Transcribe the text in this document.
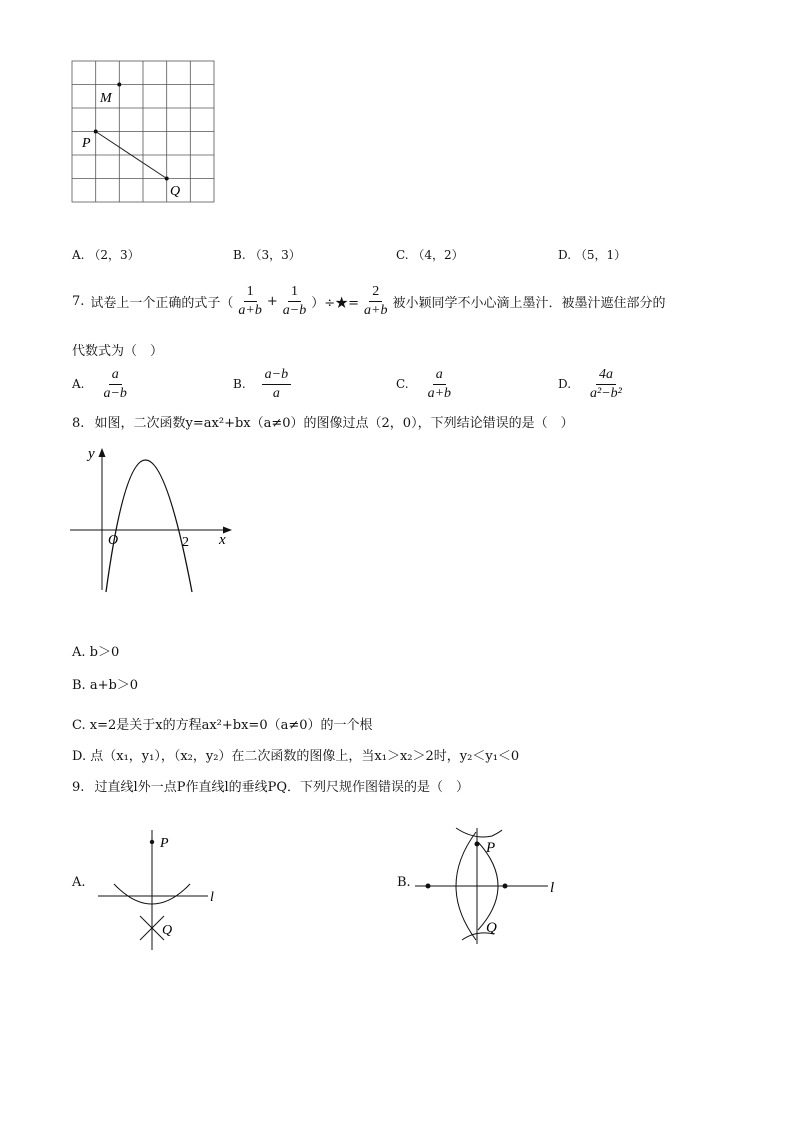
M
P
Q
A. （2，3）	B. （3，3）	C. （4，2）	D. （5，1）
7. 试卷上一个正确的式子（ $\frac{1}{a+b} + \frac{1}{a-b}$ ）÷★= $\frac{2}{a+b}$ 被小颖同学不小心滴上墨汁．被墨汁遮住部分的
代数式为（　）
A. $\frac{a}{a-b}$	B. $\frac{a-b}{a}$	C. $\frac{a}{a+b}$	D. $\frac{4a}{\text{a²−b²}}$
8. 如图，二次函数y=ax²+bx（a≠0）的图像过点（2，0），下列结论错误的是（　）
y
x
O	2
A. b＞0
B. a+b＞0
C. x=2是关于x的方程ax²+bx=0（a≠0）的一个根
D. 点（x₁，y₁），（x₂，y₂）在二次函数的图像上，当x₁＞x₂＞2时，y₂＜y₁＜0
9. 过直线l外一点P作直线l的垂线PQ．下列尺规作图错误的是（　）
A.
P
Q
l
B.
P
Q
l
